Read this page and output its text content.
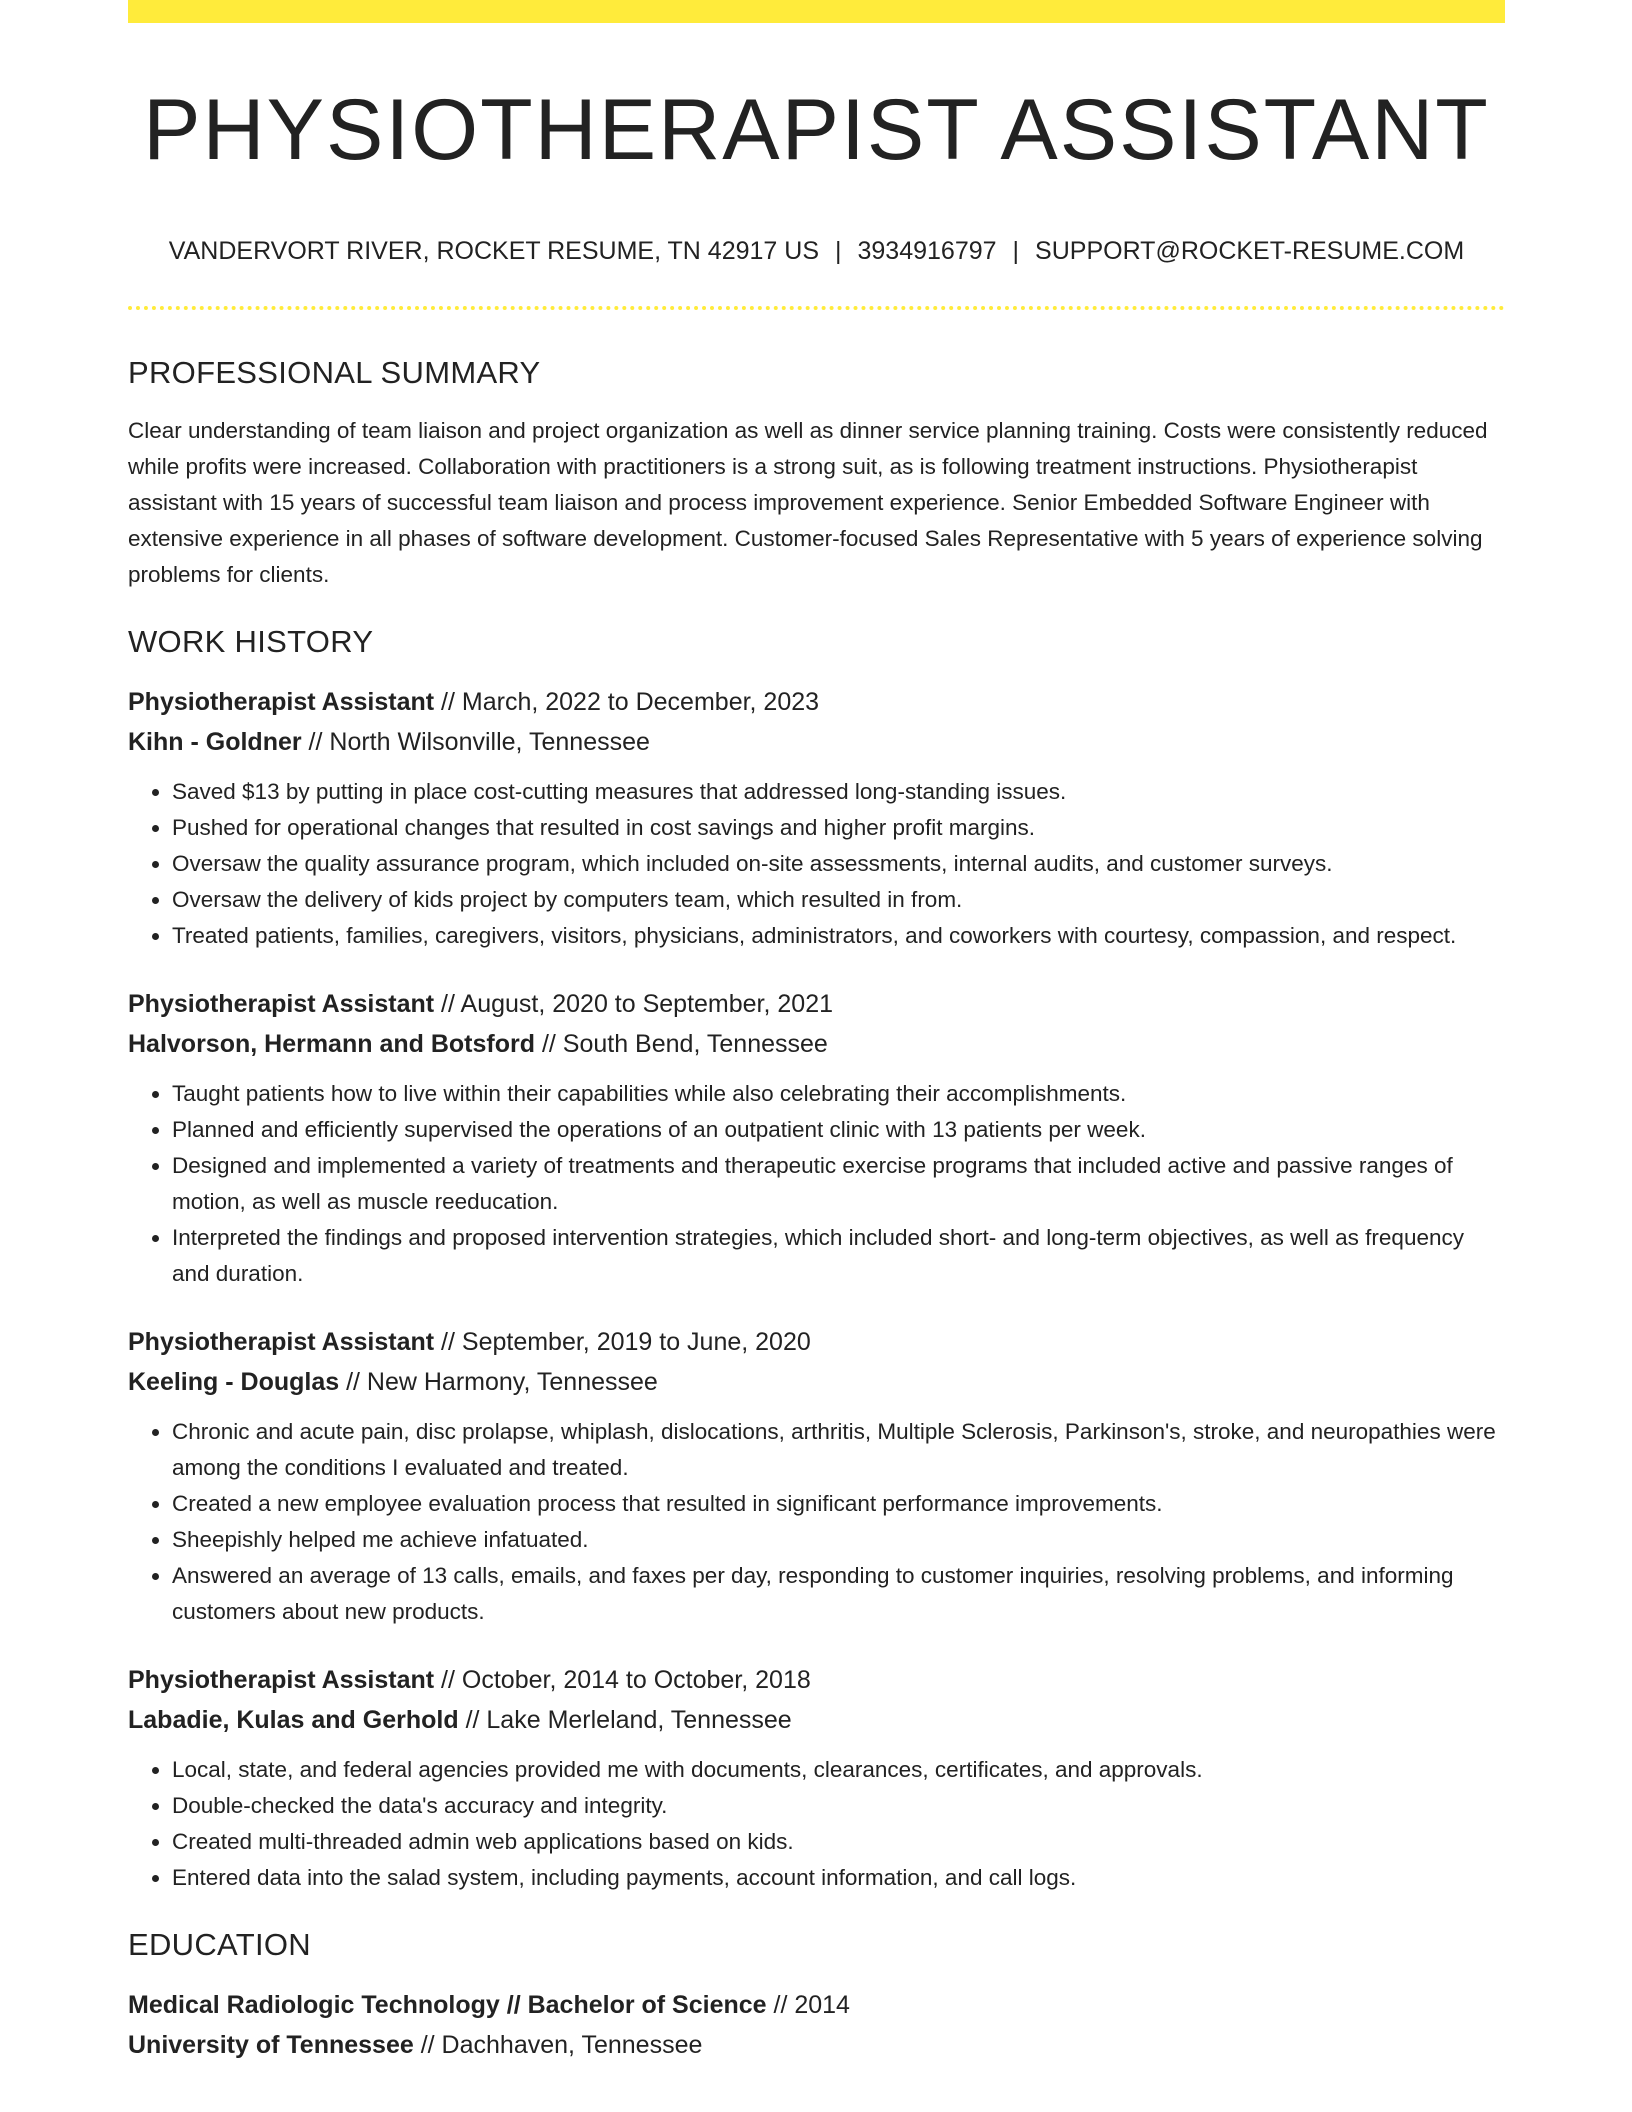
PHYSIOTHERAPIST ASSISTANT
VANDERVORT RIVER, ROCKET RESUME, TN 42917 US | 3934916797 | SUPPORT@ROCKET-RESUME.COM
PROFESSIONAL SUMMARY
Clear understanding of team liaison and project organization as well as dinner service planning training. Costs were consistently reduced while profits were increased. Collaboration with practitioners is a strong suit, as is following treatment instructions. Physiotherapist assistant with 15 years of successful team liaison and process improvement experience. Senior Embedded Software Engineer with extensive experience in all phases of software development. Customer-focused Sales Representative with 5 years of experience solving problems for clients.
WORK HISTORY
Physiotherapist Assistant // March, 2022 to December, 2023
Kihn - Goldner // North Wilsonville, Tennessee
• Saved $13 by putting in place cost-cutting measures that addressed long-standing issues.
• Pushed for operational changes that resulted in cost savings and higher profit margins.
• Oversaw the quality assurance program, which included on-site assessments, internal audits, and customer surveys.
• Oversaw the delivery of kids project by computers team, which resulted in from.
• Treated patients, families, caregivers, visitors, physicians, administrators, and coworkers with courtesy, compassion, and respect.
Physiotherapist Assistant // August, 2020 to September, 2021
Halvorson, Hermann and Botsford // South Bend, Tennessee
• Taught patients how to live within their capabilities while also celebrating their accomplishments.
• Planned and efficiently supervised the operations of an outpatient clinic with 13 patients per week.
• Designed and implemented a variety of treatments and therapeutic exercise programs that included active and passive ranges of motion, as well as muscle reeducation.
• Interpreted the findings and proposed intervention strategies, which included short- and long-term objectives, as well as frequency and duration.
Physiotherapist Assistant // September, 2019 to June, 2020
Keeling - Douglas // New Harmony, Tennessee
• Chronic and acute pain, disc prolapse, whiplash, dislocations, arthritis, Multiple Sclerosis, Parkinson's, stroke, and neuropathies were among the conditions I evaluated and treated.
• Created a new employee evaluation process that resulted in significant performance improvements.
• Sheepishly helped me achieve infatuated.
• Answered an average of 13 calls, emails, and faxes per day, responding to customer inquiries, resolving problems, and informing customers about new products.
Physiotherapist Assistant // October, 2014 to October, 2018
Labadie, Kulas and Gerhold // Lake Merleland, Tennessee
• Local, state, and federal agencies provided me with documents, clearances, certificates, and approvals.
• Double-checked the data's accuracy and integrity.
• Created multi-threaded admin web applications based on kids.
• Entered data into the salad system, including payments, account information, and call logs.
EDUCATION
Medical Radiologic Technology // Bachelor of Science // 2014
University of Tennessee // Dachhaven, Tennessee
